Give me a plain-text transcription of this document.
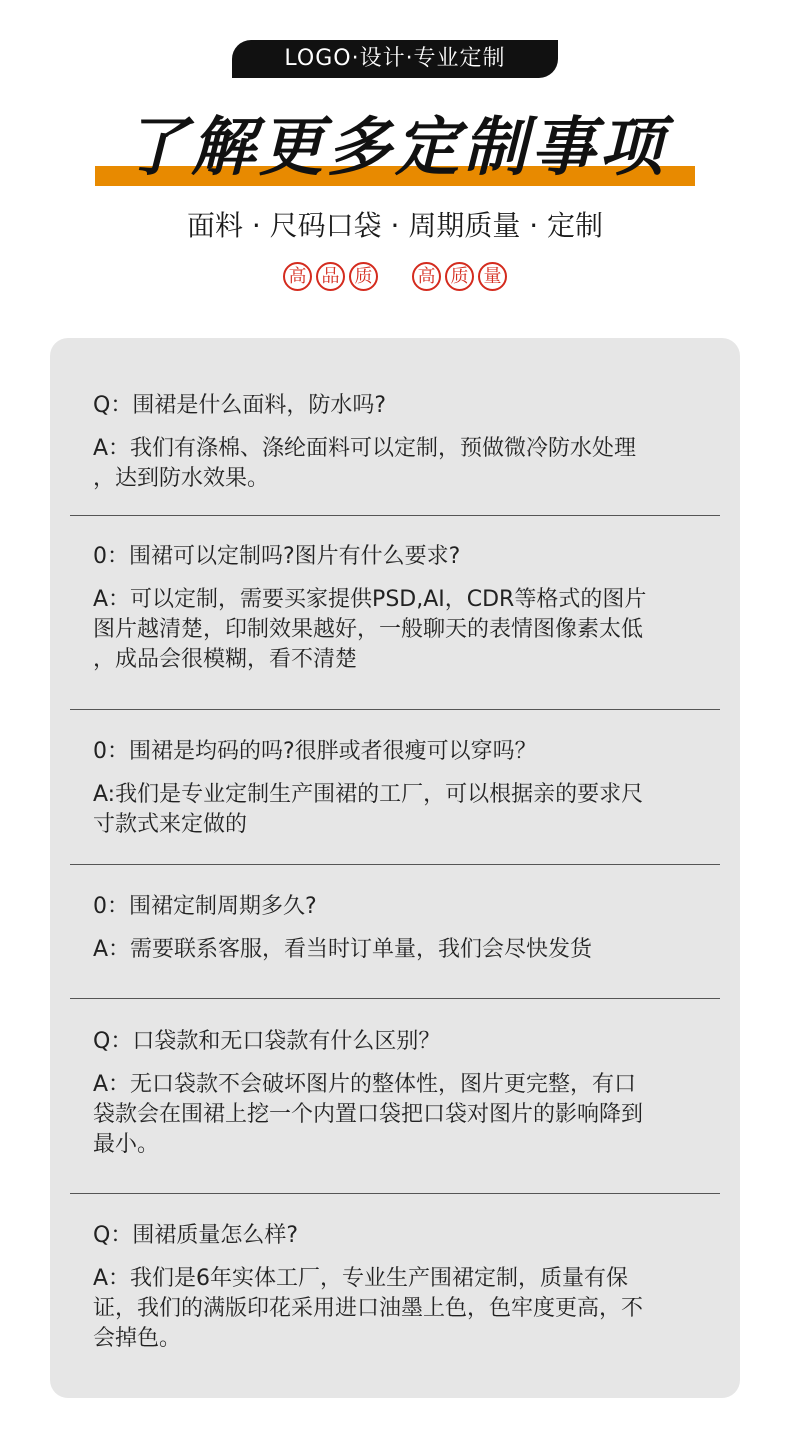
LOGO·设计·专业定制
了解更多定制事项
面料 · 尺码口袋 · 周期质量 · 定制
高 品 质	高 质 量
Q：围裙是什么面料，防水吗?
A：我们有涤棉、涤纶面料可以定制，预做微冷防水处理
，达到防水效果。
0：围裙可以定制吗?图片有什么要求?
A：可以定制，需要买家提供PSD,AI，CDR等格式的图片
图片越清楚，印制效果越好，一般聊天的表情图像素太低
，成品会很模糊，看不清楚
0：围裙是均码的吗?很胖或者很瘦可以穿吗？
A:我们是专业定制生产围裙的工厂，可以根据亲的要求尺
寸款式来定做的
0：围裙定制周期多久?
A：需要联系客服，看当时订单量，我们会尽快发货
Q：口袋款和无口袋款有什么区别？
A：无口袋款不会破坏图片的整体性，图片更完整，有口
袋款会在围裙上挖一个内置口袋把口袋对图片的影响降到
最小。
Q：围裙质量怎么样?
A：我们是6年实体工厂，专业生产围裙定制，质量有保
证，我们的满版印花采用进口油墨上色，色牢度更高，不
会掉色。
